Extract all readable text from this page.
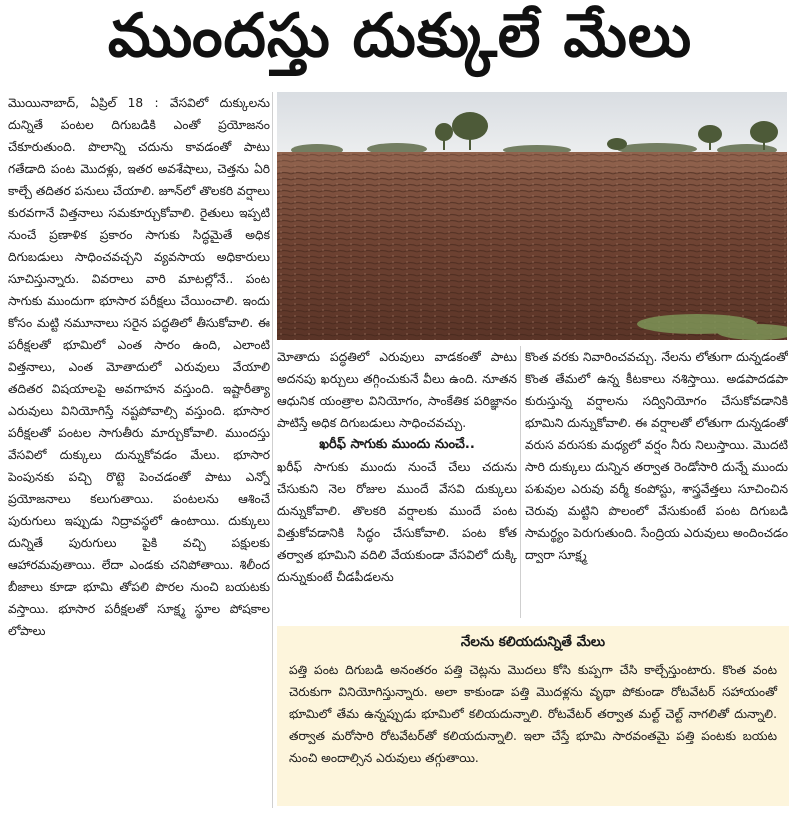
ముందస్తు దుక్కులే మేలు

మొయినాబాద్, ఏప్రిల్ 18 : వేసవిలో దుక్కులను దున్నితే పంటల దిగుబడికి ఎంతో ప్రయోజనం చేకూరుతుంది. పొలాన్ని చదును కావడంతో పాటు గతేడాది పంట మొదళ్లు, ఇతర అవశేషాలు, చెత్తను ఏరి కాల్చే తదితర పనులు చేయాలి. జూన్‌లో తొలకరి వర్షాలు కురవగానే విత్తనాలు సమకూర్చుకోవాలి. రైతులు ఇప్పటి నుంచే ప్రణాళిక ప్రకారం సాగుకు సిద్ధమైతే అధిక దిగుబడులు సాధించవచ్చని వ్యవసాయ అధికారులు సూచిస్తున్నారు. వివరాలు వారి మాటల్లోనే.. పంట సాగుకు ముందుగా భూసార పరీక్షలు చేయించాలి. ఇందు కోసం మట్టి నమూనాలు సరైన పద్ధతిలో తీసుకోవాలి. ఈ పరీక్షలతో భూమిలో ఎంత సారం ఉంది, ఎలాంటి విత్తనాలు, ఎంత మోతాదులో ఎరువులు వేయాలి తదితర విషయాలపై అవగాహన వస్తుంది. ఇష్టారీత్యా ఎరువులు వినియోగిస్తే నష్టపోవాల్సి వస్తుంది. భూసార పరీక్షలతో పంటల సాగుతీరు మార్చుకోవాలి. ముందస్తు వేసవిలో దుక్కులు దున్నుకోవడం మేలు. భూసార పెంపునకు పచ్చి రొట్టె పెంచడంతో పాటు ఎన్నో ప్రయోజనాలు కలుగుతాయి. పంటలను ఆశించే పురుగులు ఇప్పుడు నిద్రావస్థలో ఉంటాయి. దుక్కులు దున్నితే పురుగులు పైకి వచ్చి పక్షులకు ఆహారమవుతాయి. లేదా ఎండకు చనిపోతాయి. శిలీంద బీజాలు కూడా భూమి తోపలి పొరల నుంచి బయటకు వస్తాయి. భూసార పరీక్షలతో సూక్ష్మ స్థూల పోషకాల లోపాలు

మోతాదు పద్ధతిలో ఎరువులు వాడకంతో పాటు అదనపు ఖర్చులు తగ్గించుకునే వీలు ఉంది. నూతన ఆధునిక యంత్రాల వినియోగం, సాంకేతిక పరిజ్ఞానం పాటిస్తే అధిక దిగుబడులు సాధించవచ్చు.

ఖరీఫ్ సాగుకు ముందు నుంచే..

ఖరీఫ్ సాగుకు ముందు నుంచే చేలు చదును చేసుకుని నెల రోజుల ముందే వేసవి దుక్కులు దున్నుకోవాలి. తొలకరి వర్షాలకు ముందే పంట విత్తుకోవడానికి సిద్ధం చేసుకోవాలి. పంట కోత తర్వాత భూమిని వదిలి వేయకుండా వేసవిలో దుక్కి దున్నుకుంటే చీడపీడలను

కొంత వరకు నివారించవచ్చు. నేలను లోతుగా దున్నడంతో కొంత తేమలో ఉన్న కీటకాలు నశిస్తాయి. అడపాదడపా కురుస్తున్న వర్షాలను సద్వినియోగం చేసుకోవడానికి భూమిని దున్నుకోవాలి. ఈ వర్షాలతో లోతుగా దున్నడంతో వరుస వరుసకు మధ్యలో వర్షం నీరు నిలుస్తాయి. మొదటి సారి దుక్కులు దున్నిన తర్వాత రెండోసారి దున్నే ముందు పశువుల ఎరువు వర్మీ కంపోస్టు, శాస్త్రవేత్తలు సూచించిన చెరువు మట్టిని పొలంలో వేసుకుంటే పంట దిగుబడి సామర్థ్యం పెరుగుతుంది. సేంద్రియ ఎరువులు అందించడం ద్వారా సూక్ష్మ

నేలను కలియదున్నితే మేలు

పత్తి పంట దిగుబడి అనంతరం పత్తి చెట్లను మొదలు కోసి కుప్పగా చేసి కాల్చేస్తుంటారు. కొంత వంట చెరుకుగా వినియోగిస్తున్నారు. అలా కాకుండా పత్తి మొదళ్లను వృథా పోకుండా రోటవేటర్ సహాయంతో భూమిలో తేమ ఉన్నప్పుడు భూమిలో కలియదున్నాలి. రోటవేటర్ తర్వాత మల్ట్ చెల్ట్ నాగలితో దున్నాలి. తర్వాత మరోసారి రోటవేటర్‌తో కలియదున్నాలి. ఇలా చేస్తే భూమి సారవంతమై పత్తి పంటకు బయట నుంచి అందాల్సిన ఎరువులు తగ్గుతాయి.
